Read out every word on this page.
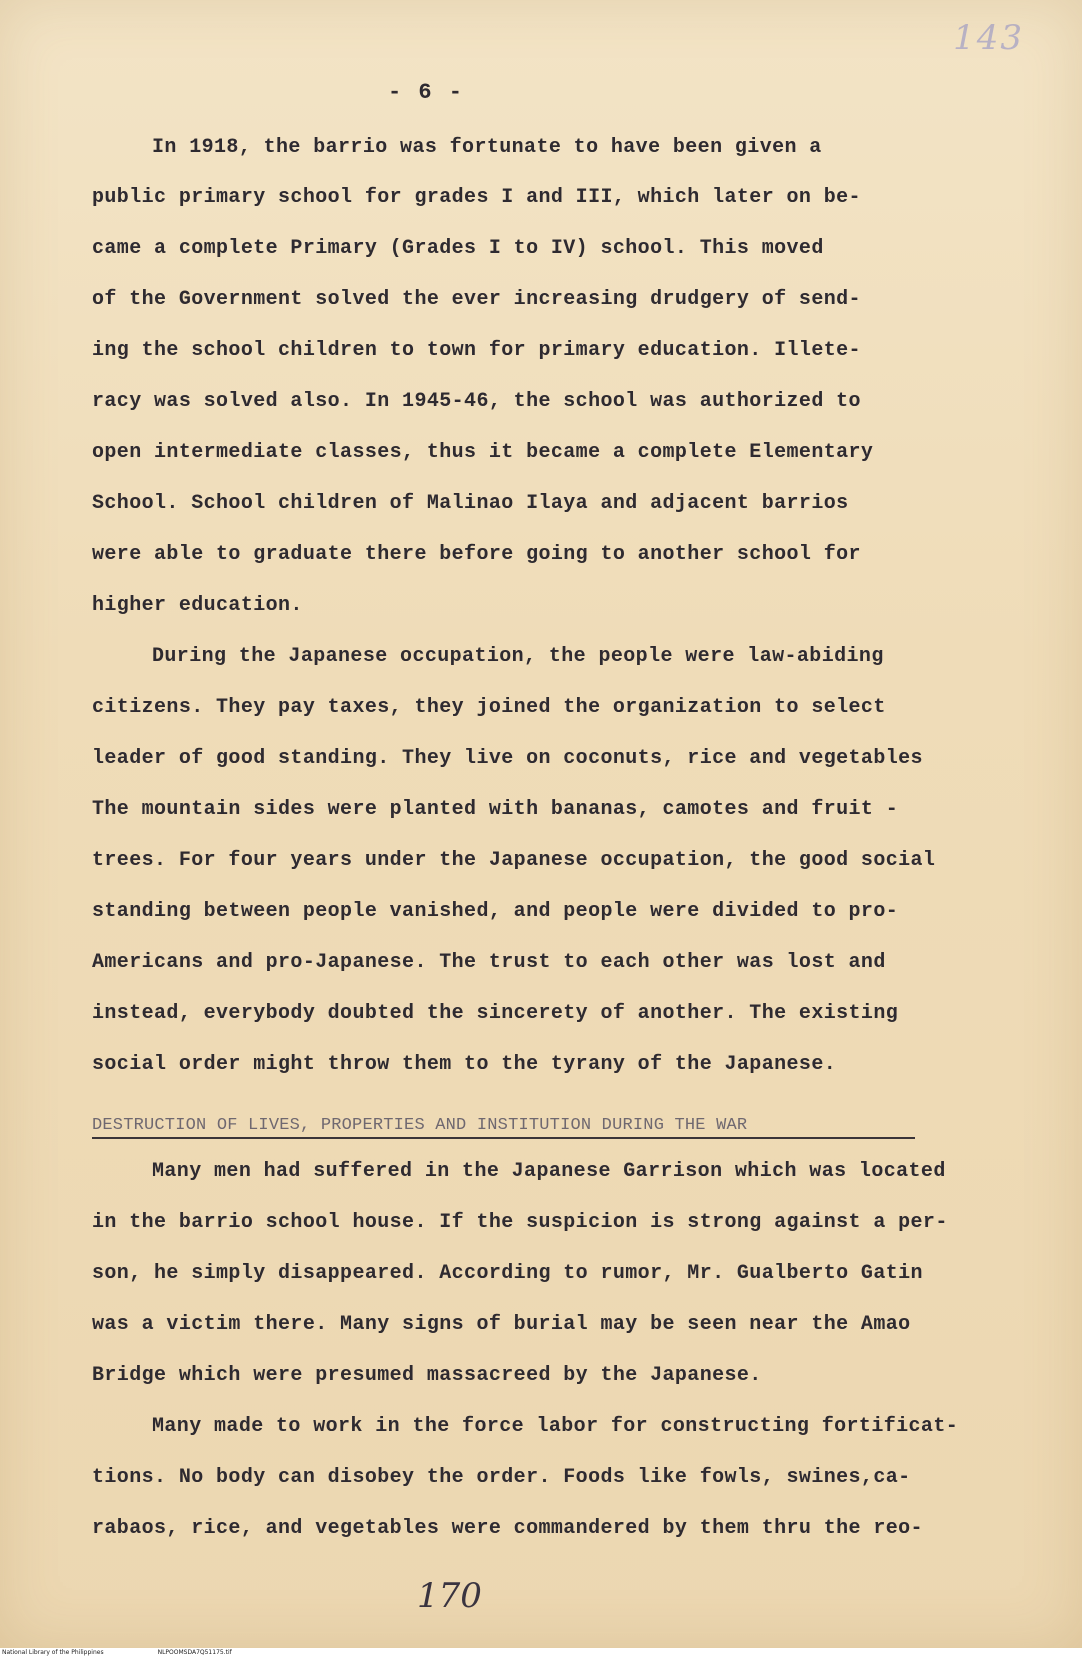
143
- 6 -
In 1918, the barrio was fortunate to have been given a
public primary school for grades I and III, which later on be-
came a complete Primary (Grades I to IV) school. This moved
of the Government solved the ever increasing drudgery of send-
ing the school children to town for primary education. Illete-
racy was solved also. In 1945-46, the school was authorized to
open intermediate classes, thus it became a complete Elementary
School. School children of Malinao Ilaya and adjacent barrios
were able to graduate there before going to another school for
higher education.
During the Japanese occupation, the people were law-abiding
citizens. They pay taxes, they joined the organization to select
leader of good standing. They live on coconuts, rice and vegetables
The mountain sides were planted with bananas, camotes and fruit -
trees. For four years under the Japanese occupation, the good social
standing between people vanished, and people were divided to pro-
Americans and pro-Japanese. The trust to each other was lost and
instead, everybody doubted the sincerety of another. The existing
social order might throw them to the tyrany of the Japanese.
DESTRUCTION OF LIVES, PROPERTIES AND INSTITUTION DURING THE WAR
Many men had suffered in the Japanese Garrison which was located
in the barrio school house. If the suspicion is strong against a per-
son, he simply disappeared. According to rumor, Mr. Gualberto Gatin
was a victim there. Many signs of burial may be seen near the Amao
Bridge which were presumed massacreed by the Japanese.
Many made to work in the force labor for constructing fortificat-
tions. No body can disobey the order. Foods like fowls, swines,ca-
rabaos, rice, and vegetables were commandered by them thru the reo-
170
National Library of the Philippines	NLPOOMSDA7Q51175.tif
